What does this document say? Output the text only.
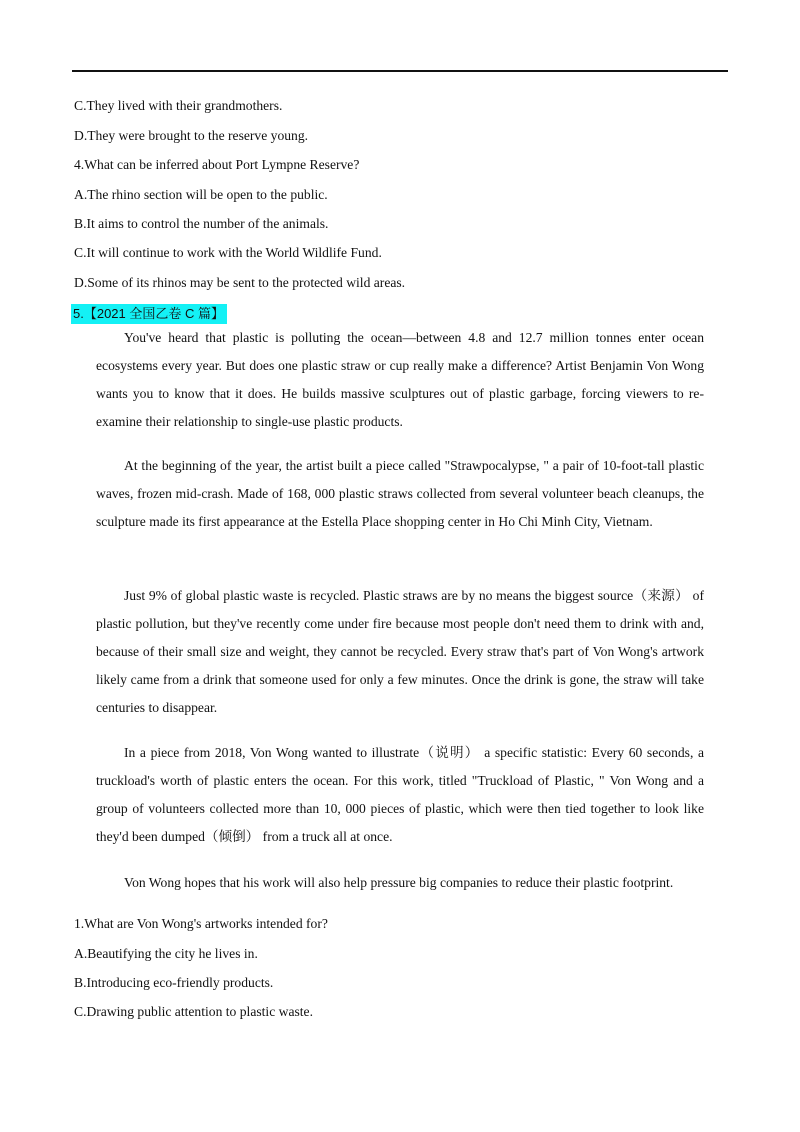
C.They lived with their grandmothers.
D.They were brought to the reserve young.
4.What can be inferred about Port Lympne Reserve?
A.The rhino section will be open to the public.
B.It aims to control the number of the animals.
C.It will continue to work with the World Wildlife Fund.
D.Some of its rhinos may be sent to the protected wild areas.
5.【2021 全国乙卷 C 篇】

You've heard that plastic is polluting the ocean—between 4.8 and 12.7 million tonnes enter ocean ecosystems every year. But does one plastic straw or cup really make a difference? Artist Benjamin Von Wong wants you to know that it does. He builds massive sculptures out of plastic garbage, forcing viewers to re-examine their relationship to single-use plastic products.

At the beginning of the year, the artist built a piece called "Strawpocalypse, " a pair of 10-foot-tall plastic waves, frozen mid-crash. Made of 168, 000 plastic straws collected from several volunteer beach cleanups, the sculpture made its first appearance at the Estella Place shopping center in Ho Chi Minh City, Vietnam.

Just 9% of global plastic waste is recycled. Plastic straws are by no means the biggest source（来源） of plastic pollution, but they've recently come under fire because most people don't need them to drink with and, because of their small size and weight, they cannot be recycled. Every straw that's part of Von Wong's artwork likely came from a drink that someone used for only a few minutes. Once the drink is gone, the straw will take centuries to disappear.

In a piece from 2018, Von Wong wanted to illustrate（说明） a specific statistic: Every 60 seconds, a truckload's worth of plastic enters the ocean. For this work, titled "Truckload of Plastic, " Von Wong and a group of volunteers collected more than 10, 000 pieces of plastic, which were then tied together to look like they'd been dumped（倾倒） from a truck all at once.

Von Wong hopes that his work will also help pressure big companies to reduce their plastic footprint.

1.What are Von Wong's artworks intended for?
A.Beautifying the city he lives in.
B.Introducing eco-friendly products.
C.Drawing public attention to plastic waste.
